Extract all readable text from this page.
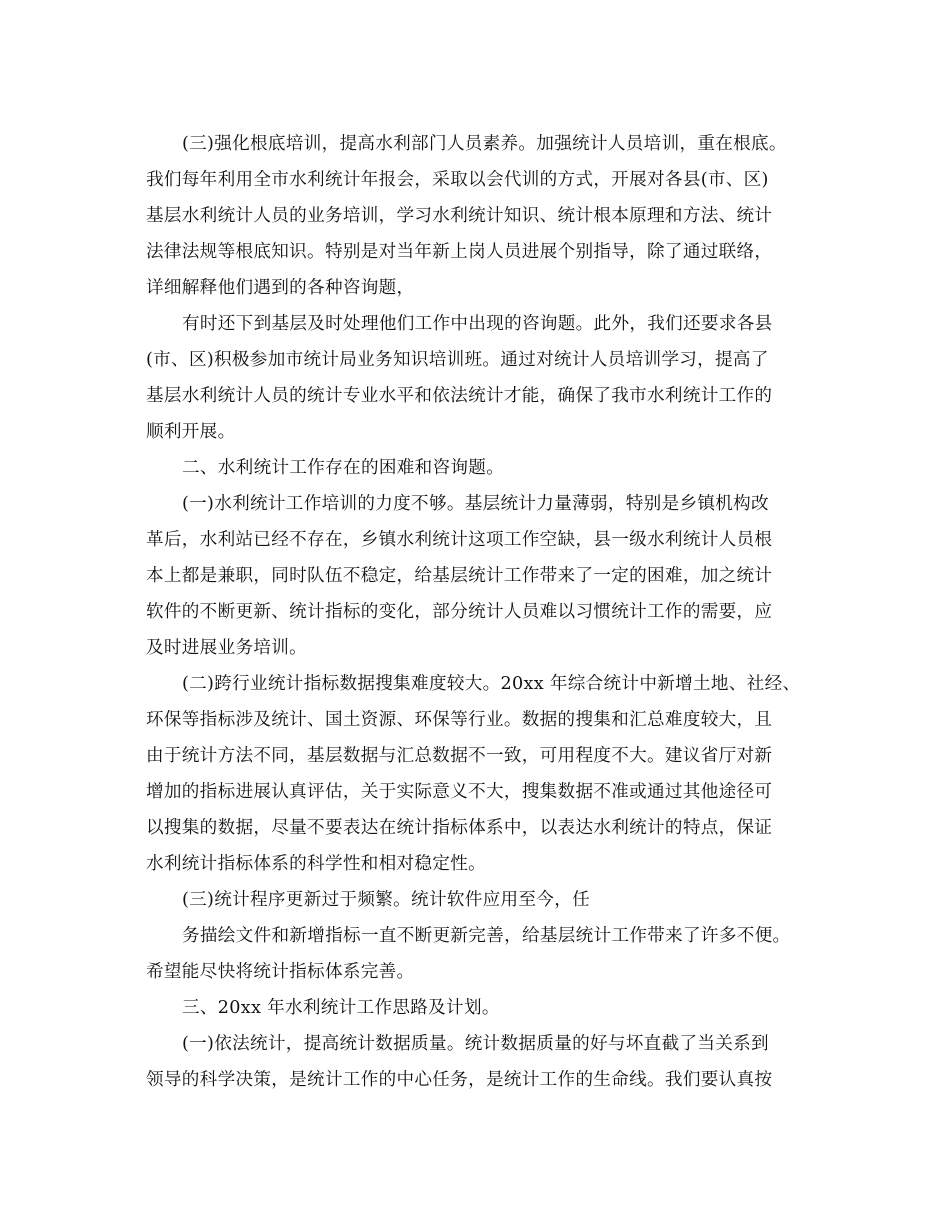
(三)强化根底培训，提高水利部门人员素养。加强统计人员培训，重在根底。
我们每年利用全市水利统计年报会，采取以会代训的方式，开展对各县(市、区)
基层水利统计人员的业务培训，学习水利统计知识、统计根本原理和方法、统计
法律法规等根底知识。特别是对当年新上岗人员进展个别指导，除了通过联络，
详细解释他们遇到的各种咨询题，
有时还下到基层及时处理他们工作中出现的咨询题。此外，我们还要求各县
(市、区)积极参加市统计局业务知识培训班。通过对统计人员培训学习，提高了
基层水利统计人员的统计专业水平和依法统计才能，确保了我市水利统计工作的
顺利开展。
二、水利统计工作存在的困难和咨询题。
(一)水利统计工作培训的力度不够。基层统计力量薄弱，特别是乡镇机构改
革后，水利站已经不存在，乡镇水利统计这项工作空缺，县一级水利统计人员根
本上都是兼职，同时队伍不稳定，给基层统计工作带来了一定的困难，加之统计
软件的不断更新、统计指标的变化，部分统计人员难以习惯统计工作的需要，应
及时进展业务培训。
(二)跨行业统计指标数据搜集难度较大。20xx 年综合统计中新增土地、社经、
环保等指标涉及统计、国土资源、环保等行业。数据的搜集和汇总难度较大，且
由于统计方法不同，基层数据与汇总数据不一致，可用程度不大。建议省厅对新
增加的指标进展认真评估，关于实际意义不大，搜集数据不准或通过其他途径可
以搜集的数据，尽量不要表达在统计指标体系中，以表达水利统计的特点，保证
水利统计指标体系的科学性和相对稳定性。
(三)统计程序更新过于频繁。统计软件应用至今，任
务描绘文件和新增指标一直不断更新完善，给基层统计工作带来了许多不便。
希望能尽快将统计指标体系完善。
三、20xx 年水利统计工作思路及计划。
(一)依法统计，提高统计数据质量。统计数据质量的好与坏直截了当关系到
领导的科学决策，是统计工作的中心任务，是统计工作的生命线。我们要认真按
